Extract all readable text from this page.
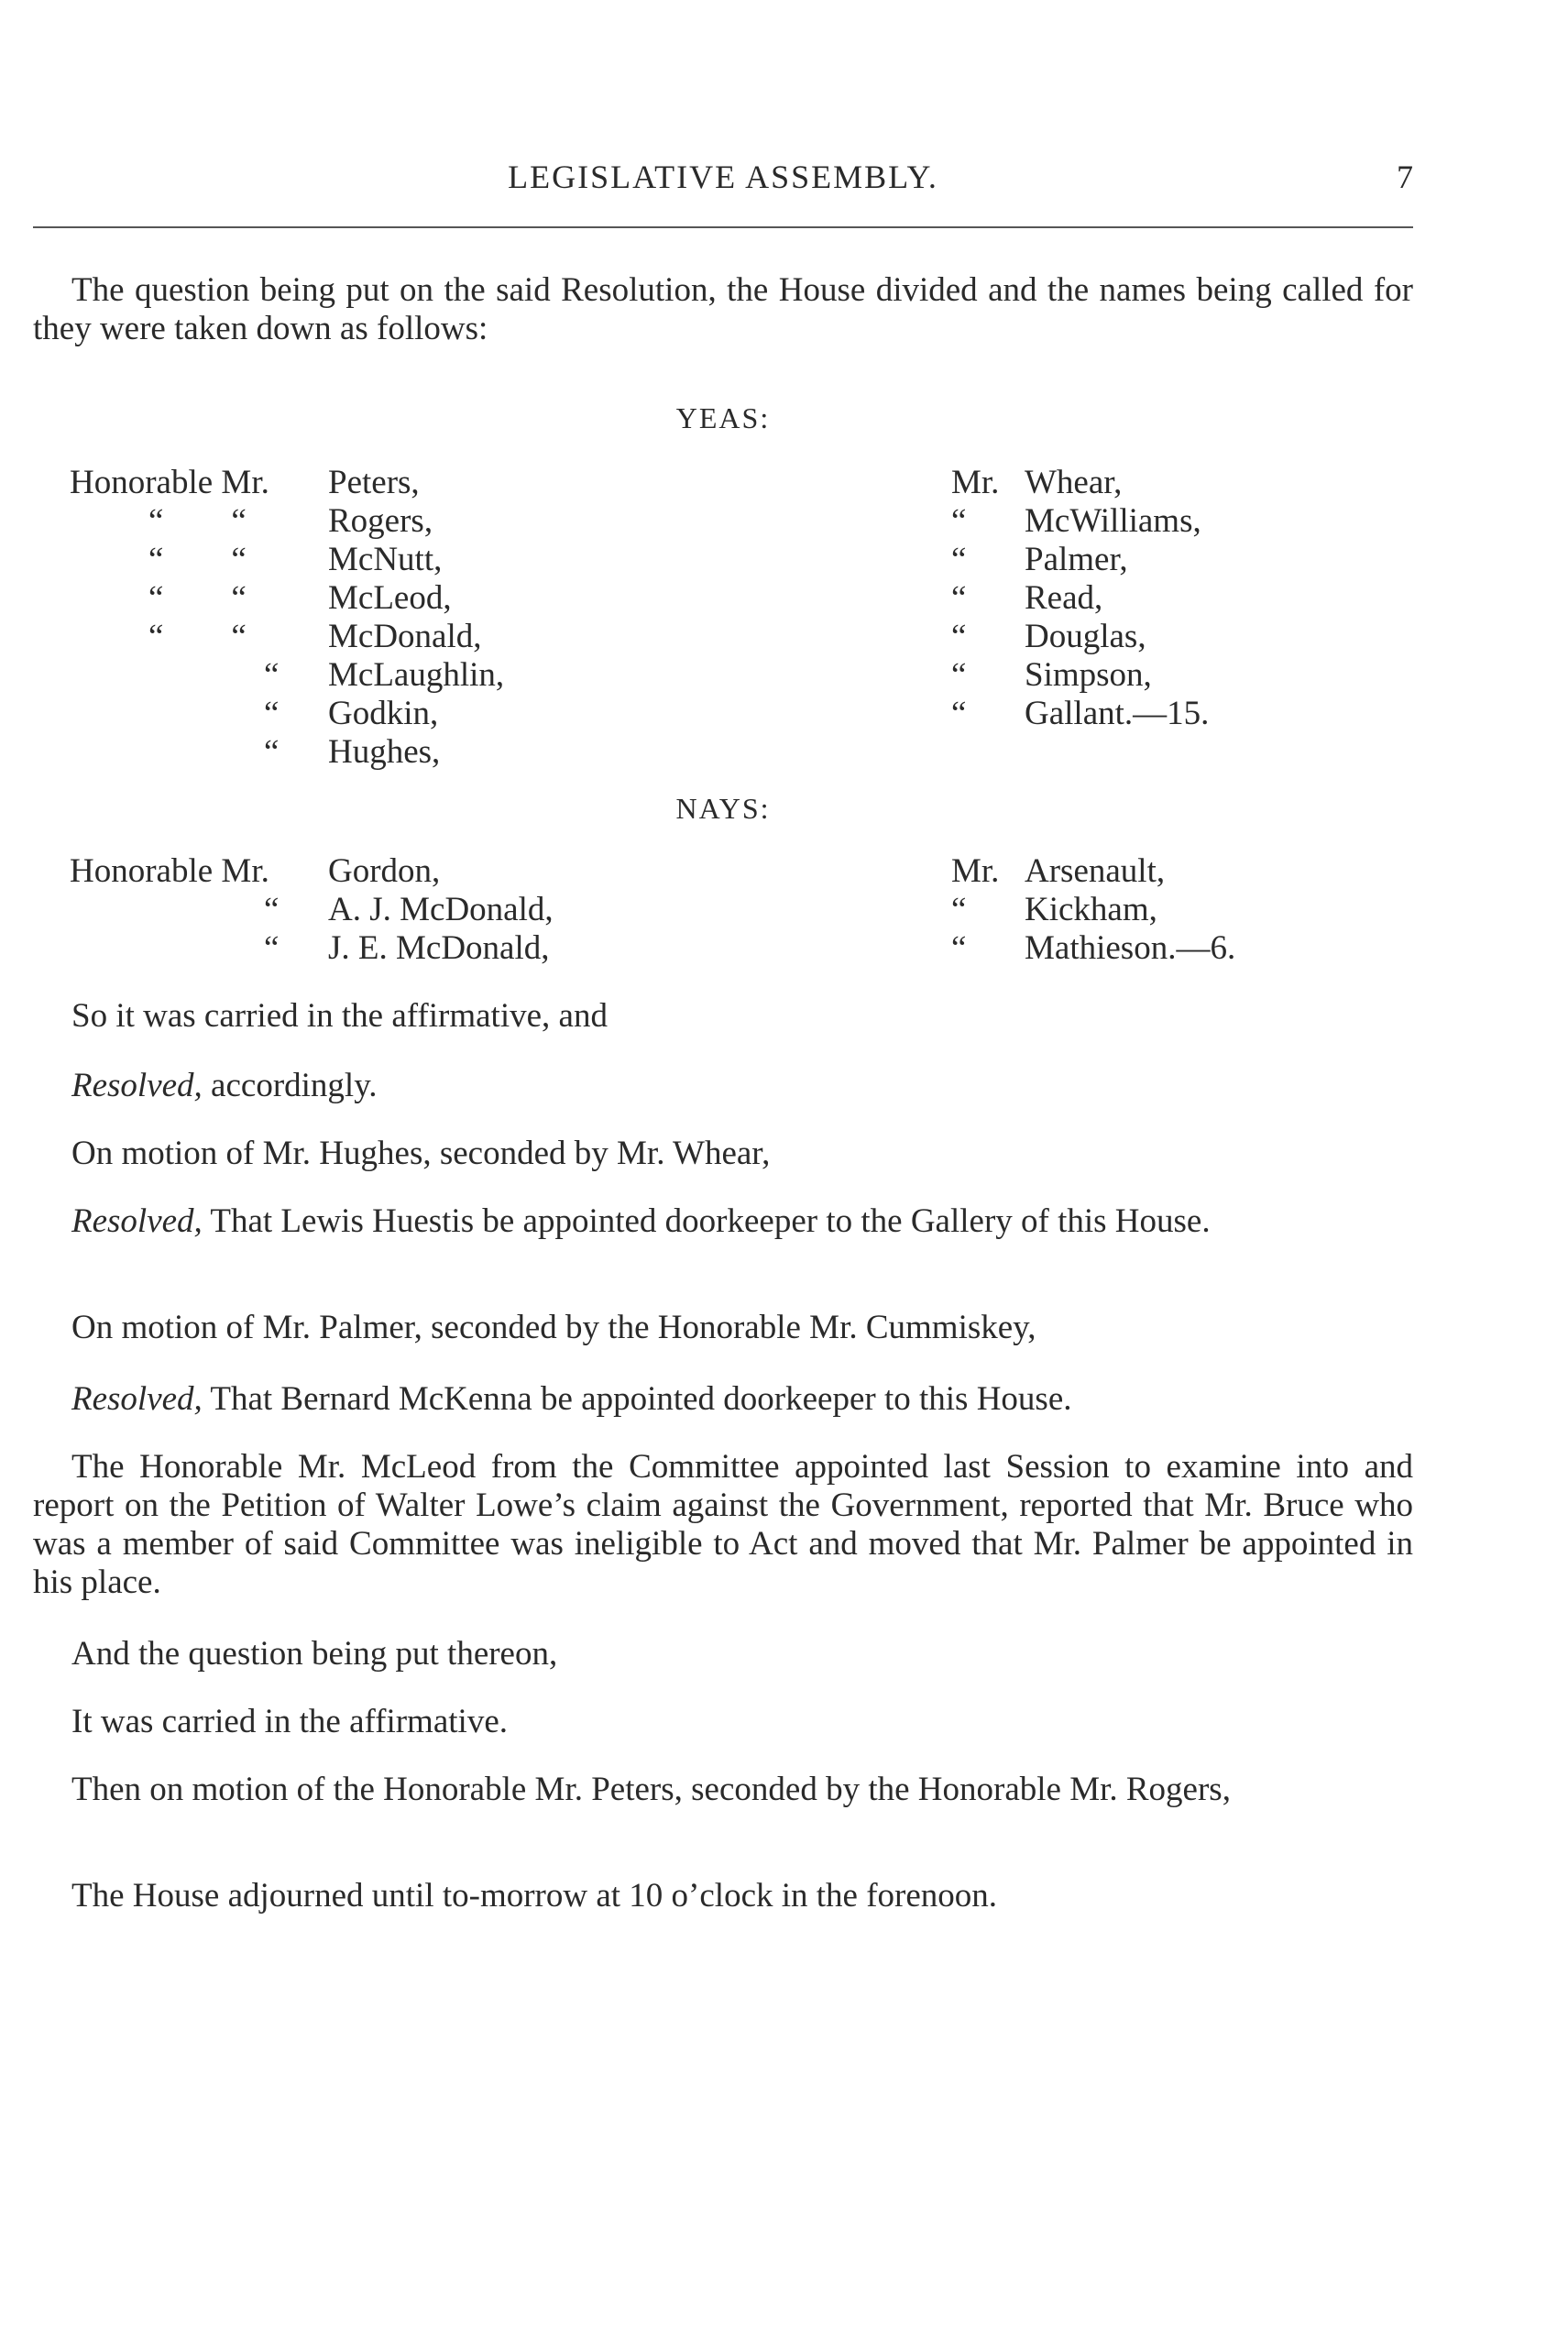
LEGISLATIVE ASSEMBLY.	7
The question being put on the said Resolution, the House divided and the names being called for they were taken down as follows:
YEAS:
Honorable Mr.	Peters,
“        “	Rogers,
“        “	McNutt,
“        “	McLeod,
“        “	McDonald,
“	McLaughlin,
“	Godkin,
“	Hughes,
Mr. Whear,
“	McWilliams,
“	Palmer,
“	Read,
“	Douglas,
“	Simpson,
“	Gallant.—15.
NAYS:
Honorable Mr.	Gordon,
“	A. J. McDonald,
“	J. E. McDonald,
Mr. Arsenault,
“	Kickham,
“	Mathieson.—6.
So it was carried in the affirmative, and
Resolved, accordingly.
On motion of Mr. Hughes, seconded by Mr. Whear,
Resolved, That Lewis Huestis be appointed doorkeeper to the Gallery of this House.
On motion of Mr. Palmer, seconded by the Honorable Mr. Cummiskey,
Resolved, That Bernard McKenna be appointed doorkeeper to this House.
The Honorable Mr. McLeod from the Committee appointed last Session to examine into and report on the Petition of Walter Lowe’s claim against the Government, reported that Mr. Bruce who was a member of said Committee was ineligible to Act and moved that Mr. Palmer be appointed in his place.
And the question being put thereon,
It was carried in the affirmative.
Then on motion of the Honorable Mr. Peters, seconded by the Honorable Mr. Rogers,
The House adjourned until to-morrow at 10 o’clock in the forenoon.
